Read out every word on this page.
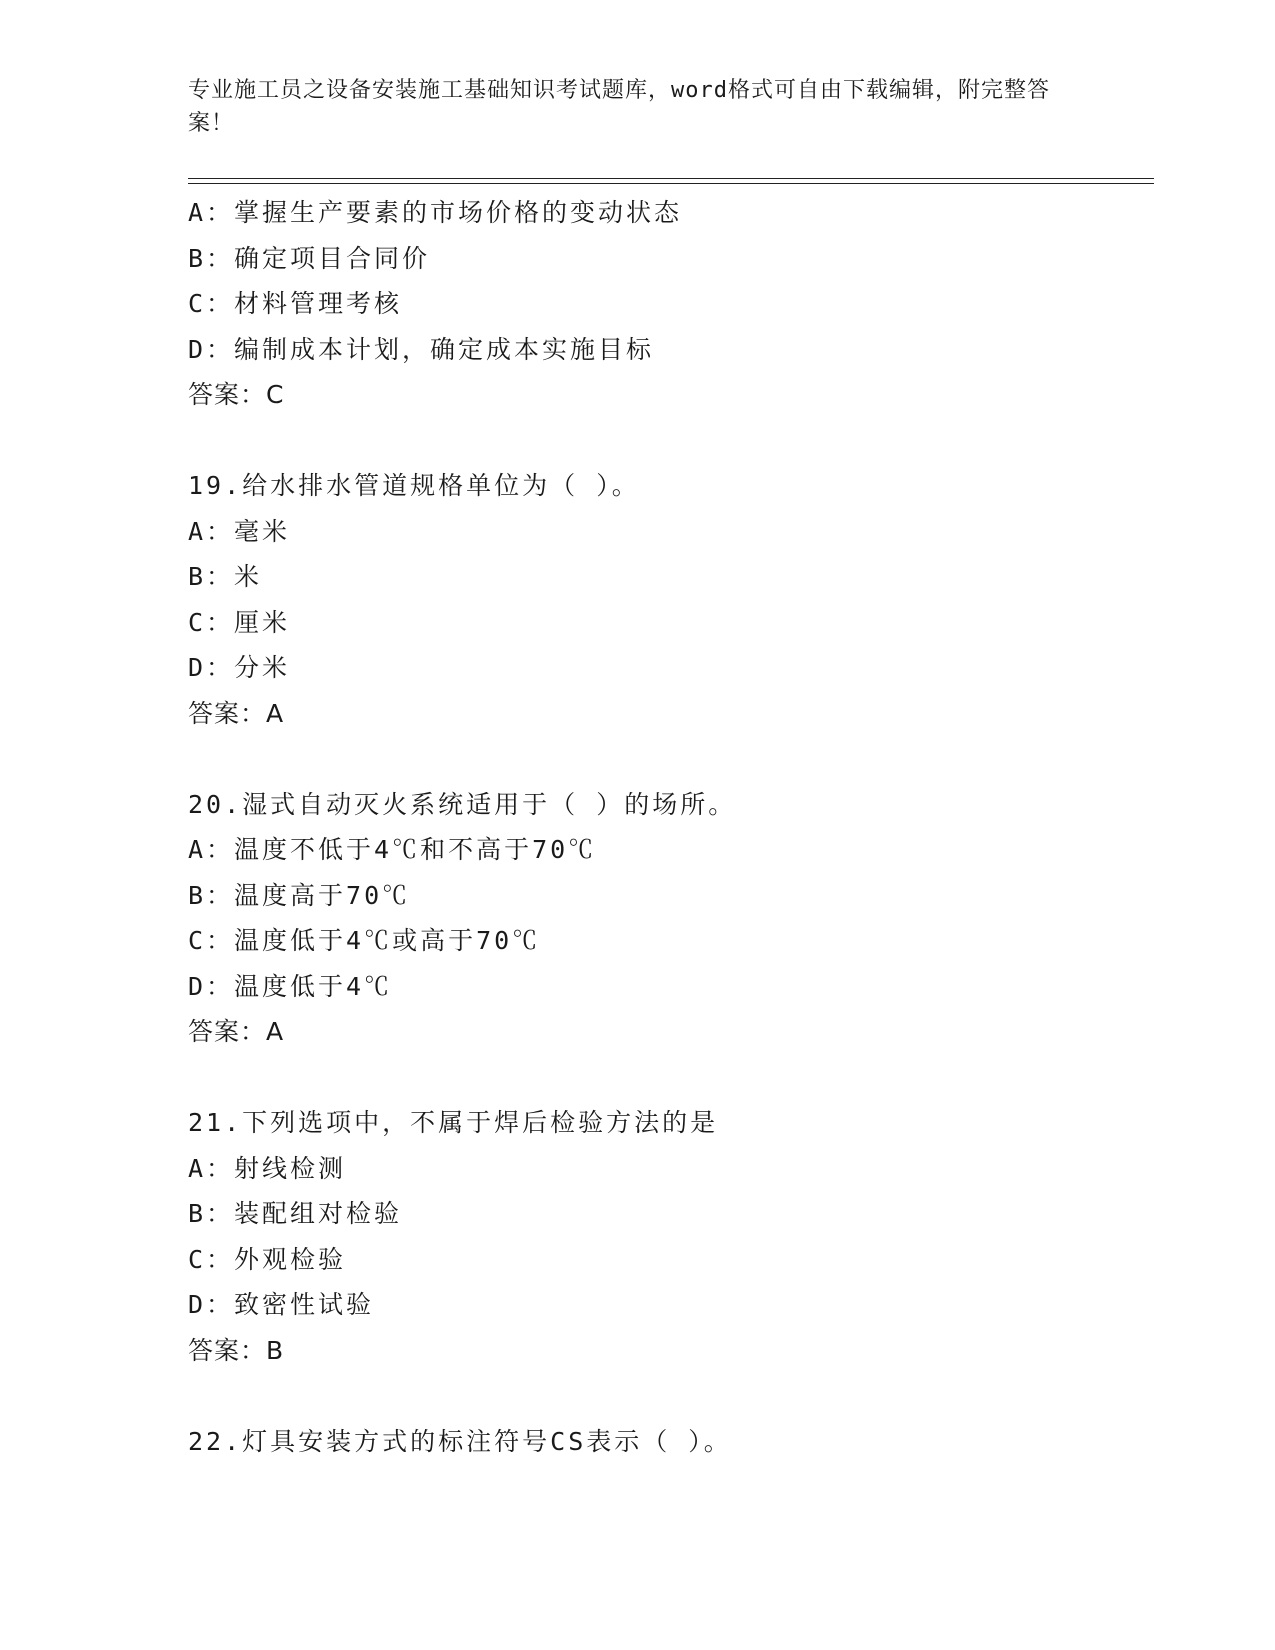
专业施工员之设备安装施工基础知识考试题库，word格式可自由下载编辑，附完整答案！
A：掌握生产要素的市场价格的变动状态
B：确定项目合同价
C：材料管理考核
D：编制成本计划，确定成本实施目标
答案：C
19.给水排水管道规格单位为（ ）。
A：毫米
B：米
C：厘米
D：分米
答案：A
20.湿式自动灭火系统适用于（ ）的场所。
A：温度不低于4℃和不高于70℃
B：温度高于70℃
C：温度低于4℃或高于70℃
D：温度低于4℃
答案：A
21.下列选项中，不属于焊后检验方法的是
A：射线检测
B：装配组对检验
C：外观检验
D：致密性试验
答案：B
22.灯具安装方式的标注符号CS表示（ ）。
